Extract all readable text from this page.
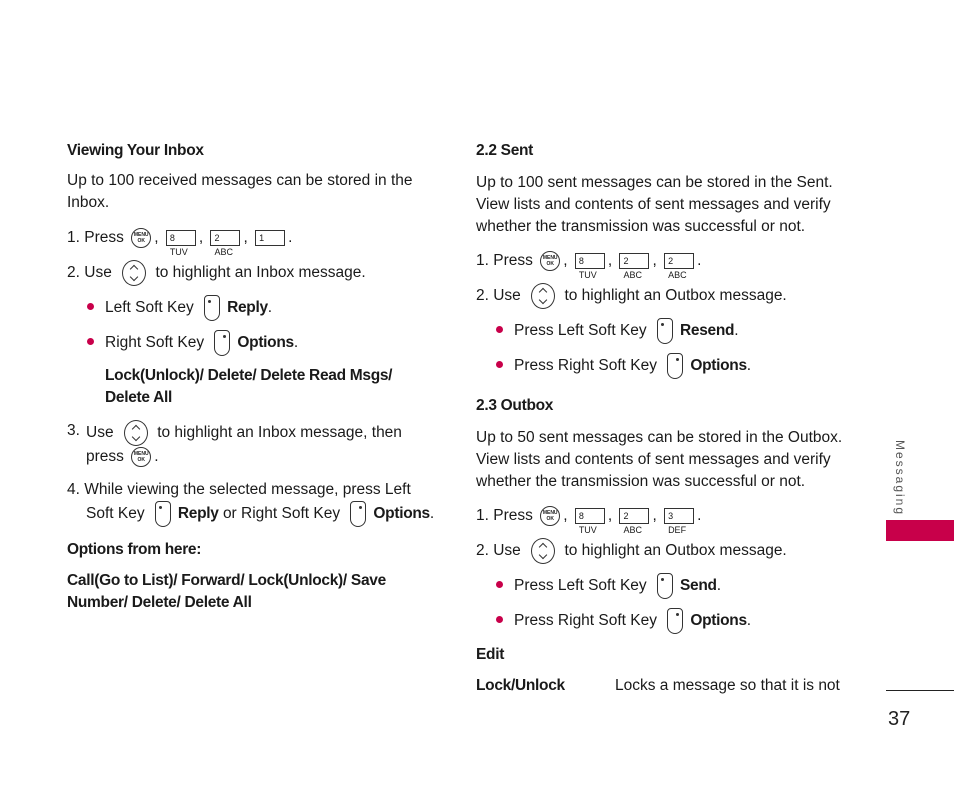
Viewing Your Inbox

Up to 100 received messages can be stored in the Inbox.

1. Press MENU OK , 8 TUV, 2 ABC, 1 .
2. Use	to highlight an Inbox message.
Left Soft Key Reply.
Right Soft Key Options.
Lock(Unlock)/ Delete/ Delete Read Msgs/ Delete All
3. Use	to highlight an Inbox message, then press MENU OK .
4. While viewing the selected message, press Left Soft Key Reply or Right Soft Key Options.
Options from here:
Call(Go to List)/ Forward/ Lock(Unlock)/ Save Number/ Delete/ Delete All
2.2 Sent

Up to 100 sent messages can be stored in the Sent. View lists and contents of sent messages and verify whether the transmission was successful or not.

1. Press MENU OK , 8 TUV, 2 ABC, 2 ABC.
2. Use	to highlight an Outbox message.
Press Left Soft Key Resend.
Press Right Soft Key Options.
2.3 Outbox

Up to 50 sent messages can be stored in the Outbox. View lists and contents of sent messages and verify whether the transmission was successful or not.

1. Press MENU OK , 8 TUV, 2 ABC, 3 DEF.
2. Use	to highlight an Outbox message.
Press Left Soft Key Send.
Press Right Soft Key Options.
Edit
Lock/Unlock	Locks a message so that it is not
Messaging
37
